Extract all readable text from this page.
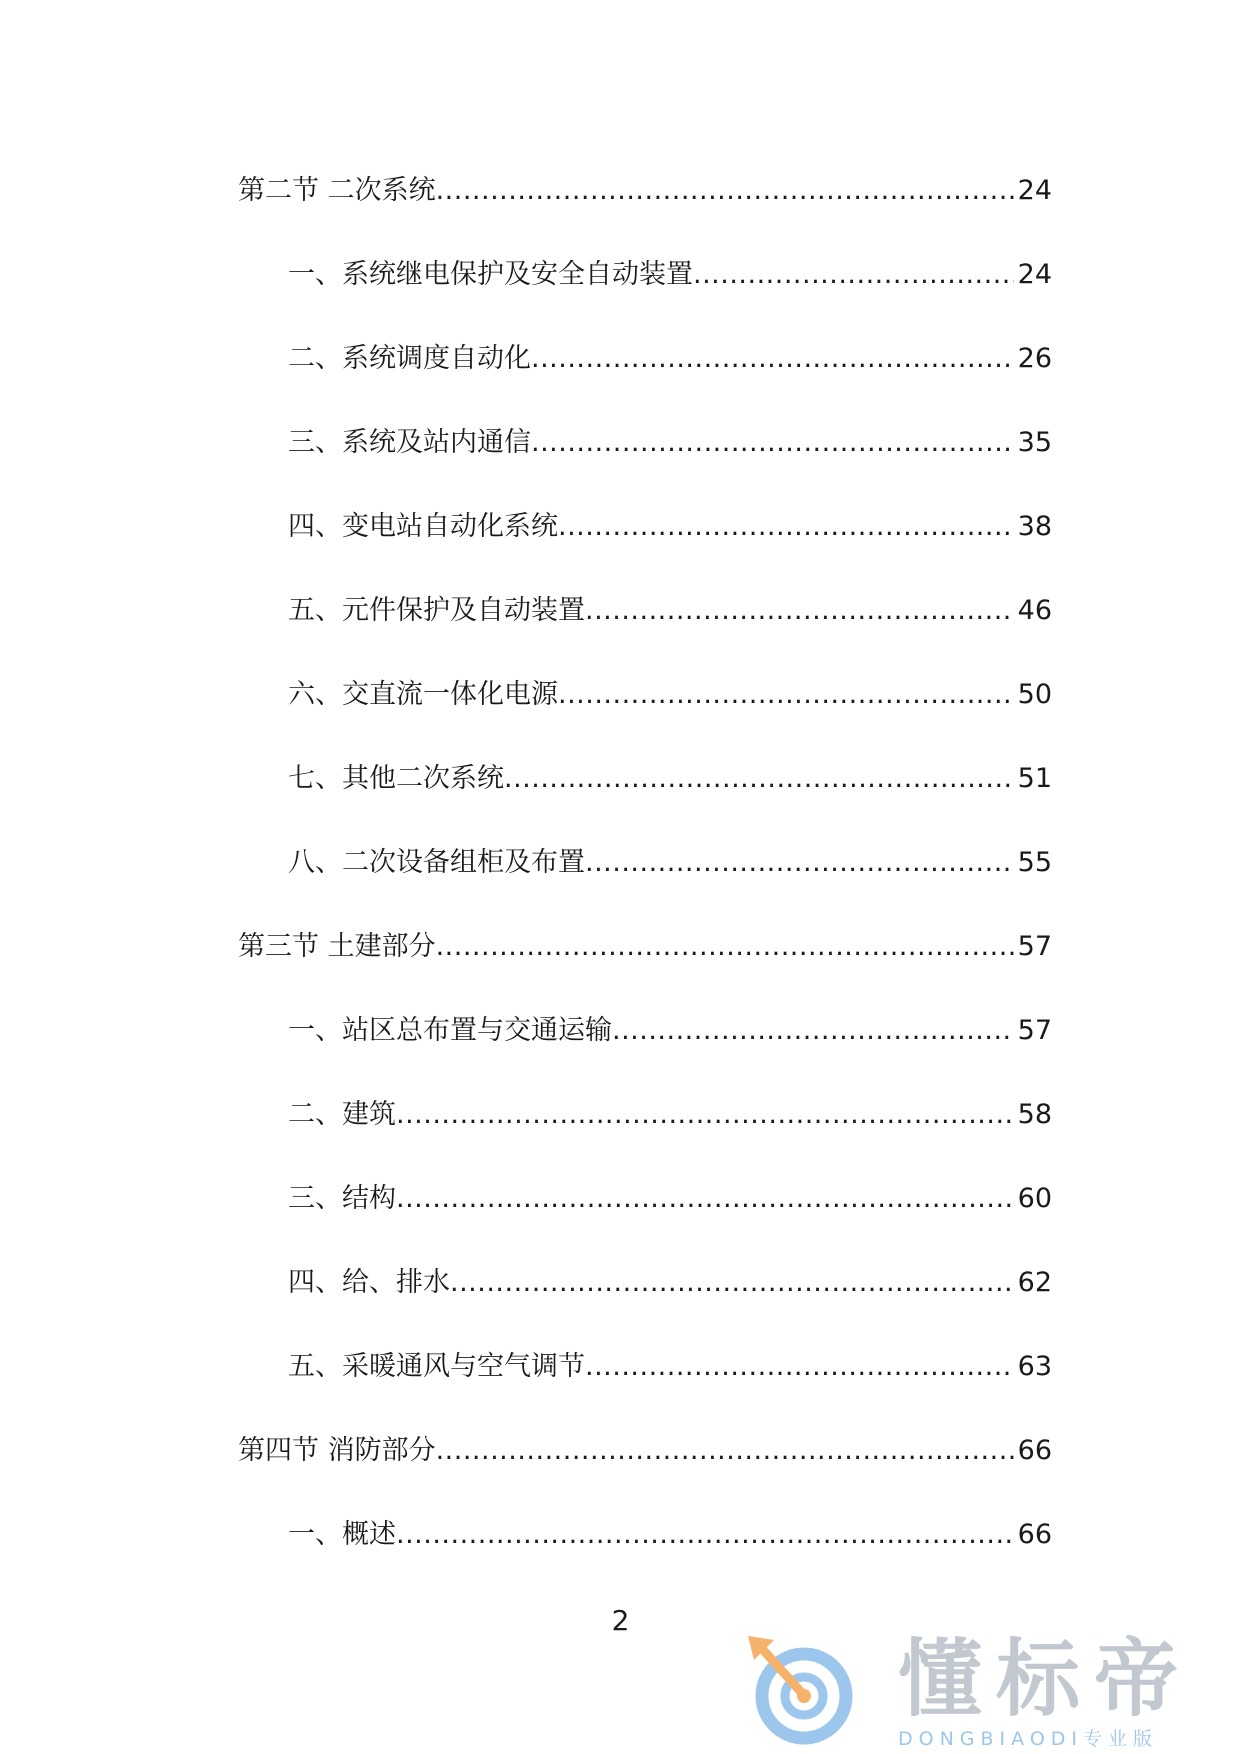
第二节 二次系统 .....	24
一、系统继电保护及安全自动装置 .....	24
二、系统调度自动化 .....	26
三、系统及站内通信 .....	35
四、变电站自动化系统 .....	38
五、元件保护及自动装置 .....	46
六、交直流一体化电源 .....	50
七、其他二次系统 .....	51
八、二次设备组柜及布置 .....	55
第三节 土建部分 .....	57
一、站区总布置与交通运输 .....	57
二、建筑 .....	58
三、结构 .....	60
四、给、排水 .....	62
五、采暖通风与空气调节 .....	63
第四节 消防部分 .....	66
一、概述 .....	66
2
懂标帝
DONGBIAODI专业版
